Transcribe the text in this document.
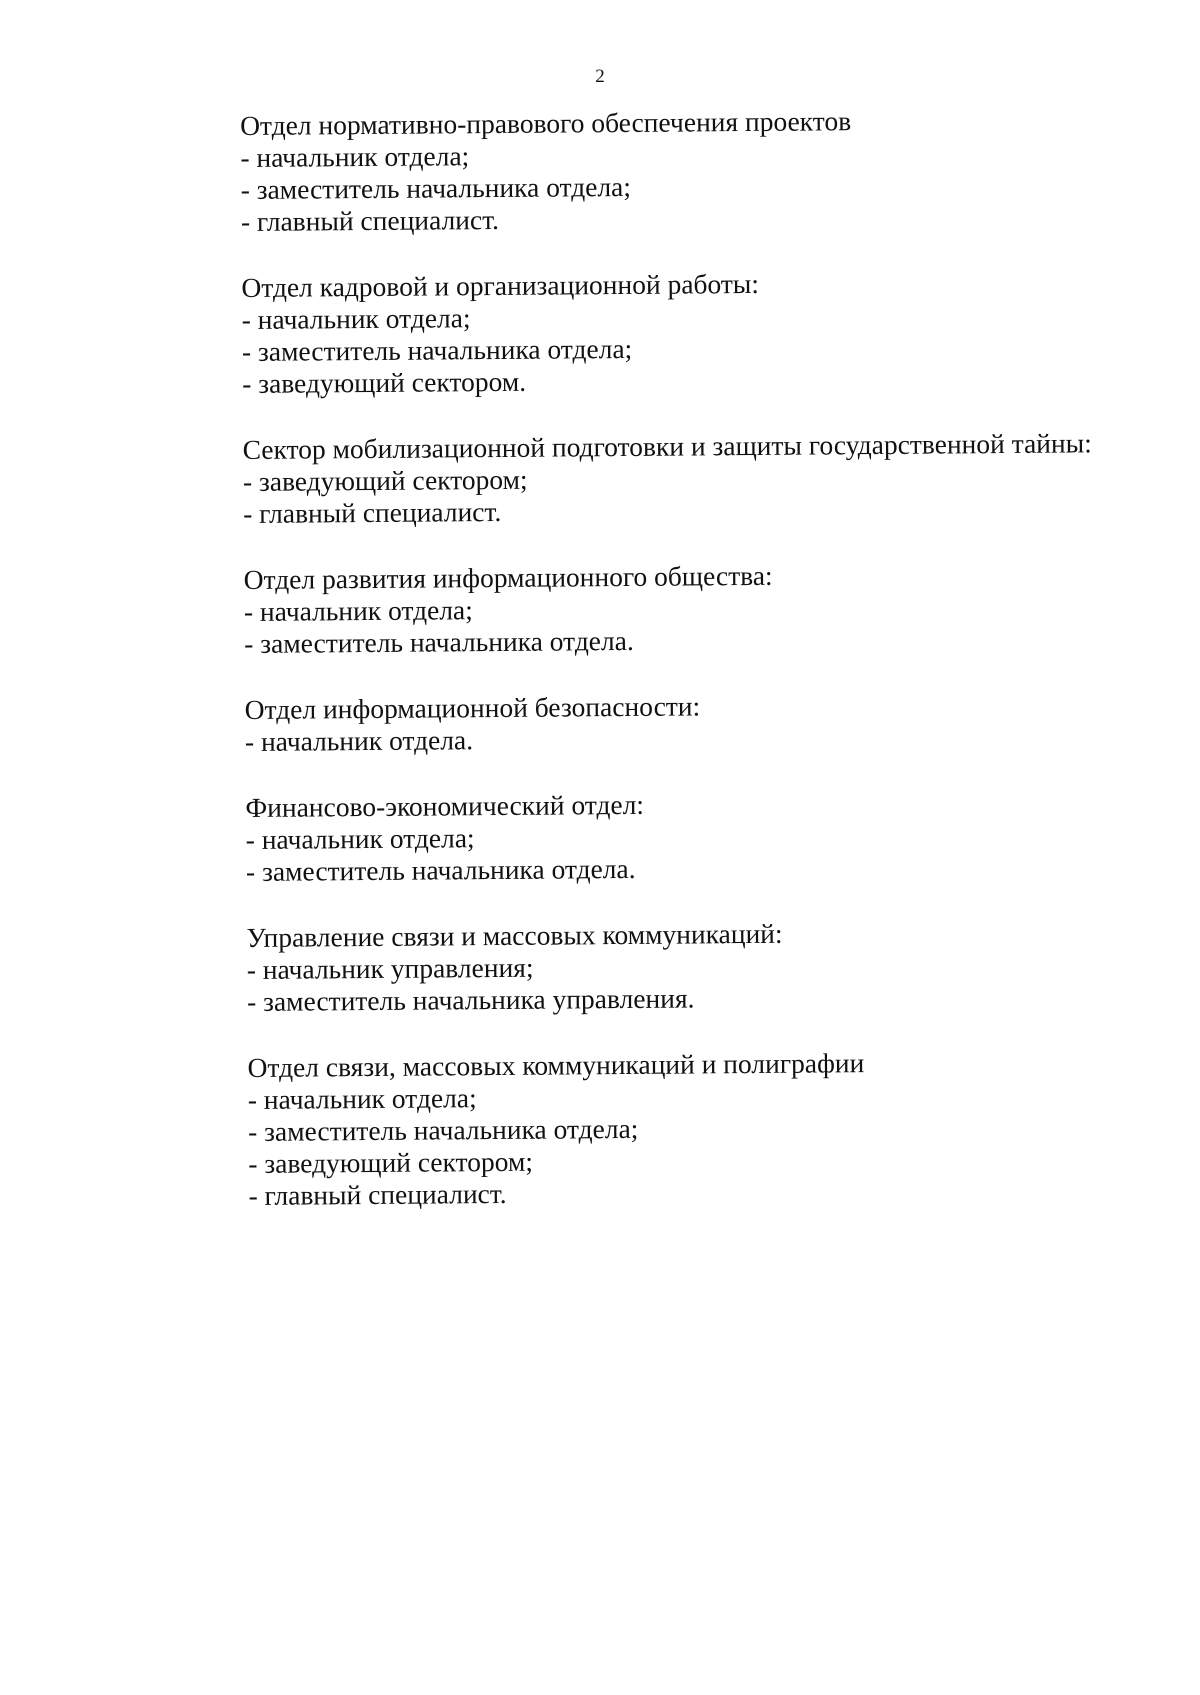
2
Отдел нормативно-правового обеспечения проектов
- начальник отдела;
- заместитель начальника отдела;
- главный специалист.
Отдел кадровой и организационной работы:
- начальник отдела;
- заместитель начальника отдела;
- заведующий сектором.
Сектор мобилизационной подготовки и защиты государственной тайны:
- заведующий сектором;
- главный специалист.
Отдел развития информационного общества:
- начальник отдела;
- заместитель начальника отдела.
Отдел информационной безопасности:
- начальник отдела.
Финансово-экономический отдел:
- начальник отдела;
- заместитель начальника отдела.
Управление связи и массовых коммуникаций:
- начальник управления;
- заместитель начальника управления.
Отдел связи, массовых коммуникаций и полиграфии
- начальник отдела;
- заместитель начальника отдела;
- заведующий сектором;
- главный специалист.
